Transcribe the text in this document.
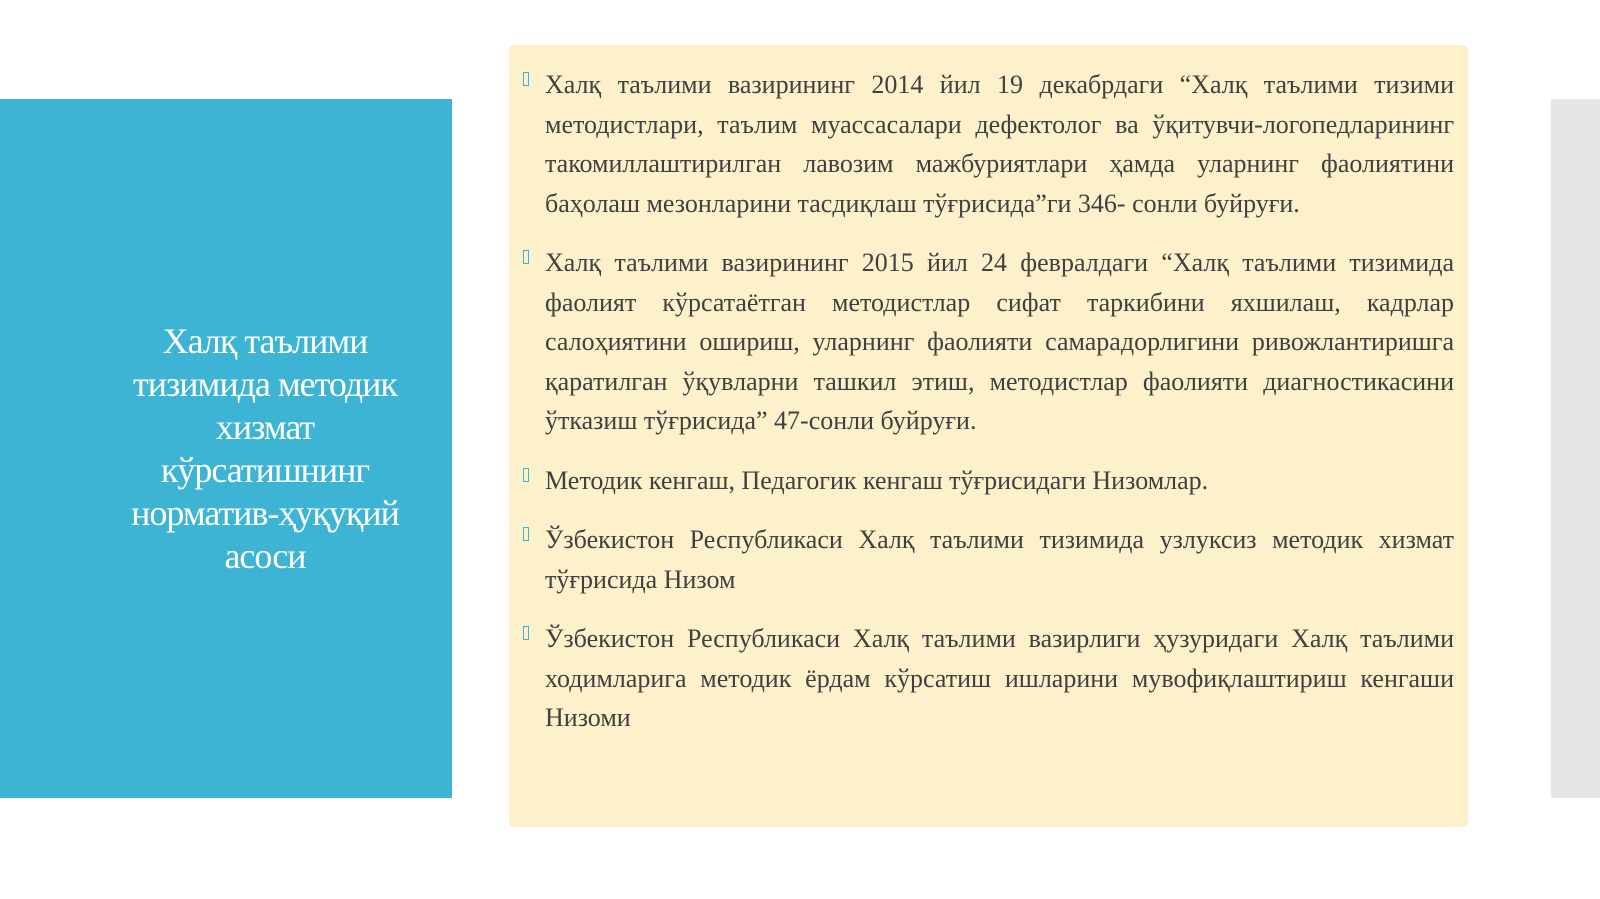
Халқ таълими тизимида методик хизмат кўрсатишнинг норматив-ҳуқуқий асоси

Халқ таълими вазирининг 2014 йил 19 декабрдаги “Халқ таълими тизими методистлари, таълим муассасалари дефектолог ва ўқитувчи-логопедларининг такомиллаштирилган лавозим мажбуриятлари ҳамда уларнинг фаолиятини баҳолаш мезонларини тасдиқлаш тўғрисида”ги 346- сонли буйруғи.

Халқ таълими вазирининг 2015 йил 24 февралдаги “Халқ таълими тизимида фаолият кўрсатаётган методистлар сифат таркибини яхшилаш, кадрлар салоҳиятини ошириш, уларнинг фаолияти самарадорлигини ривожлантиришга қаратилган ўқувларни ташкил этиш, методистлар фаолияти диагностикасини ўтказиш тўғрисида” 47-сонли буйруғи.

Методик кенгаш, Педагогик кенгаш тўғрисидаги Низомлар.

Ўзбекистон Республикаси Халқ таълими тизимида узлуксиз методик хизмат тўғрисида Низом

Ўзбекистон Республикаси Халқ таълими вазирлиги ҳузуридаги Халқ таълими ходимларига методик ёрдам кўрсатиш ишларини мувофиқлаштириш кенгаши Низоми
